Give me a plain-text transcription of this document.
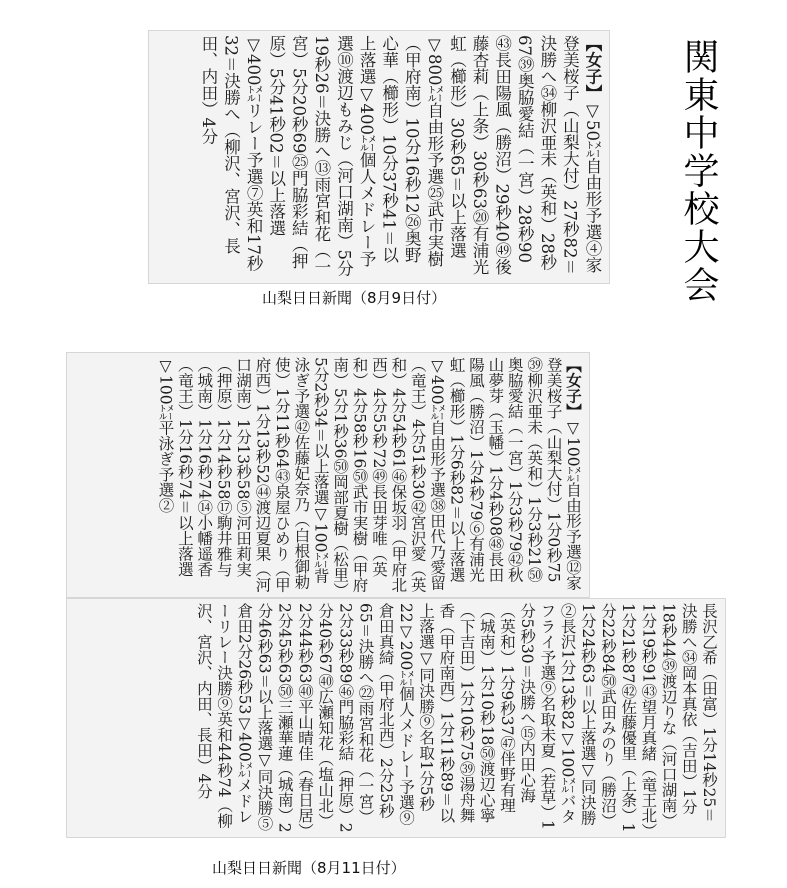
関東中学校大会

【女子】▽50㍍自由形予選④家登美桜子（山梨大付）27秒82＝決勝へ㉞柳沢亜未（英和）28秒67㊴奥脇愛結（一宮）28秒90㊸長田陽風（勝沼）29秒40㊾後藤杏莉（上条）30秒63⑳有浦光虹（櫛形）30秒65＝以上落選▽800㍍自由形予選㉕武市実樹（甲府南）10分16秒12㉖奥野心華（櫛形）10分37秒41＝以上落選▽400㍍個人メドレー予選⑩渡辺もみじ（河口湖南）5分19秒26＝決勝へ⑬雨宮和花（一宮）5分20秒69㉕門脇彩結（押原）5分41秒02＝以上落選▽400㍍リレー予選⑦英和17秒32＝決勝へ（柳沢、宮沢、長田、内田）4分

山梨日日新聞（8月9日付）

【女子】▽100㍍自由形予選⑫家登美桜子（山梨大付）1分0秒75㊴柳沢亜未（英和）1分3秒21㊿奥脇愛結（一宮）1分3秒79㊷秋山夢芽（玉幡）1分4秒08㊽長田陽風（勝沼）1分4秒79⑥有浦光虹（櫛形）1分6秒82＝以上落選▽400㍍自由形予選㊳田代乃愛留（竜王）4分51秒30㊷宮沢愛（英和）4分54秒61㊻保坂羽（甲府北西）4分55秒72㊾長田芽唯（英和）4分58秒16㊿武市実樹（甲府南）5分1秒36㊿岡部夏樹（松里）5分2秒34＝以上落選▽100㍍背泳ぎ予選㊷佐藤妃奈乃（白根御勅使）1分11秒64㊸泉屋ひめり（甲府西）1分13秒52㊹渡辺夏果（河口湖南）1分13秒58⑤河田莉実（押原）1分14秒58⑰駒井雅与（城南）1分16秒74⑭小幡遥香（竜王）1分16秒74＝以上落選▽100㍍平泳ぎ予選②

長沢乙希（田富）1分14秒25＝決勝へ㉞岡本真依（吉田）1分18秒44㊴渡辺りな（河口湖南）1分19秒91㊸望月真緒（竜王北）1分21秒87㊷佐藤優里（上条）1分22秒84㊿武田みのり（勝沼）1分24秒63＝以上落選▽同決勝②長沢1分13秒82▽100㍍バタフライ予選⑨名取未夏（若草）1分5秒30＝決勝へ⑮内田心海（英和）1分9秒37㊼伴野有理（城南）1分10秒18㊿渡辺心寧（下吉田）1分10秒75㊴湯舟舞香（甲府南西）1分11秒89＝以上落選▽同決勝⑨名取1分5秒22▽200㍍個人メドレー予選⑨倉田真綺（甲府北西）2分25秒65＝決勝へ㉒雨宮和花（一宮）2分33秒89㊻門脇彩結（押原）2分40秒67㊵広瀬知花（塩山北）2分44秒63㊵平山晴佳（春日居）2分45秒63㊿三瀬華蓮（城南）2分46秒63＝以上落選▽同決勝⑤倉田2分26秒53▽400㍍メドレーリレー決勝⑨英和44秒74（柳沢、宮沢、内田、長田）4分

山梨日日新聞（8月11日付）
